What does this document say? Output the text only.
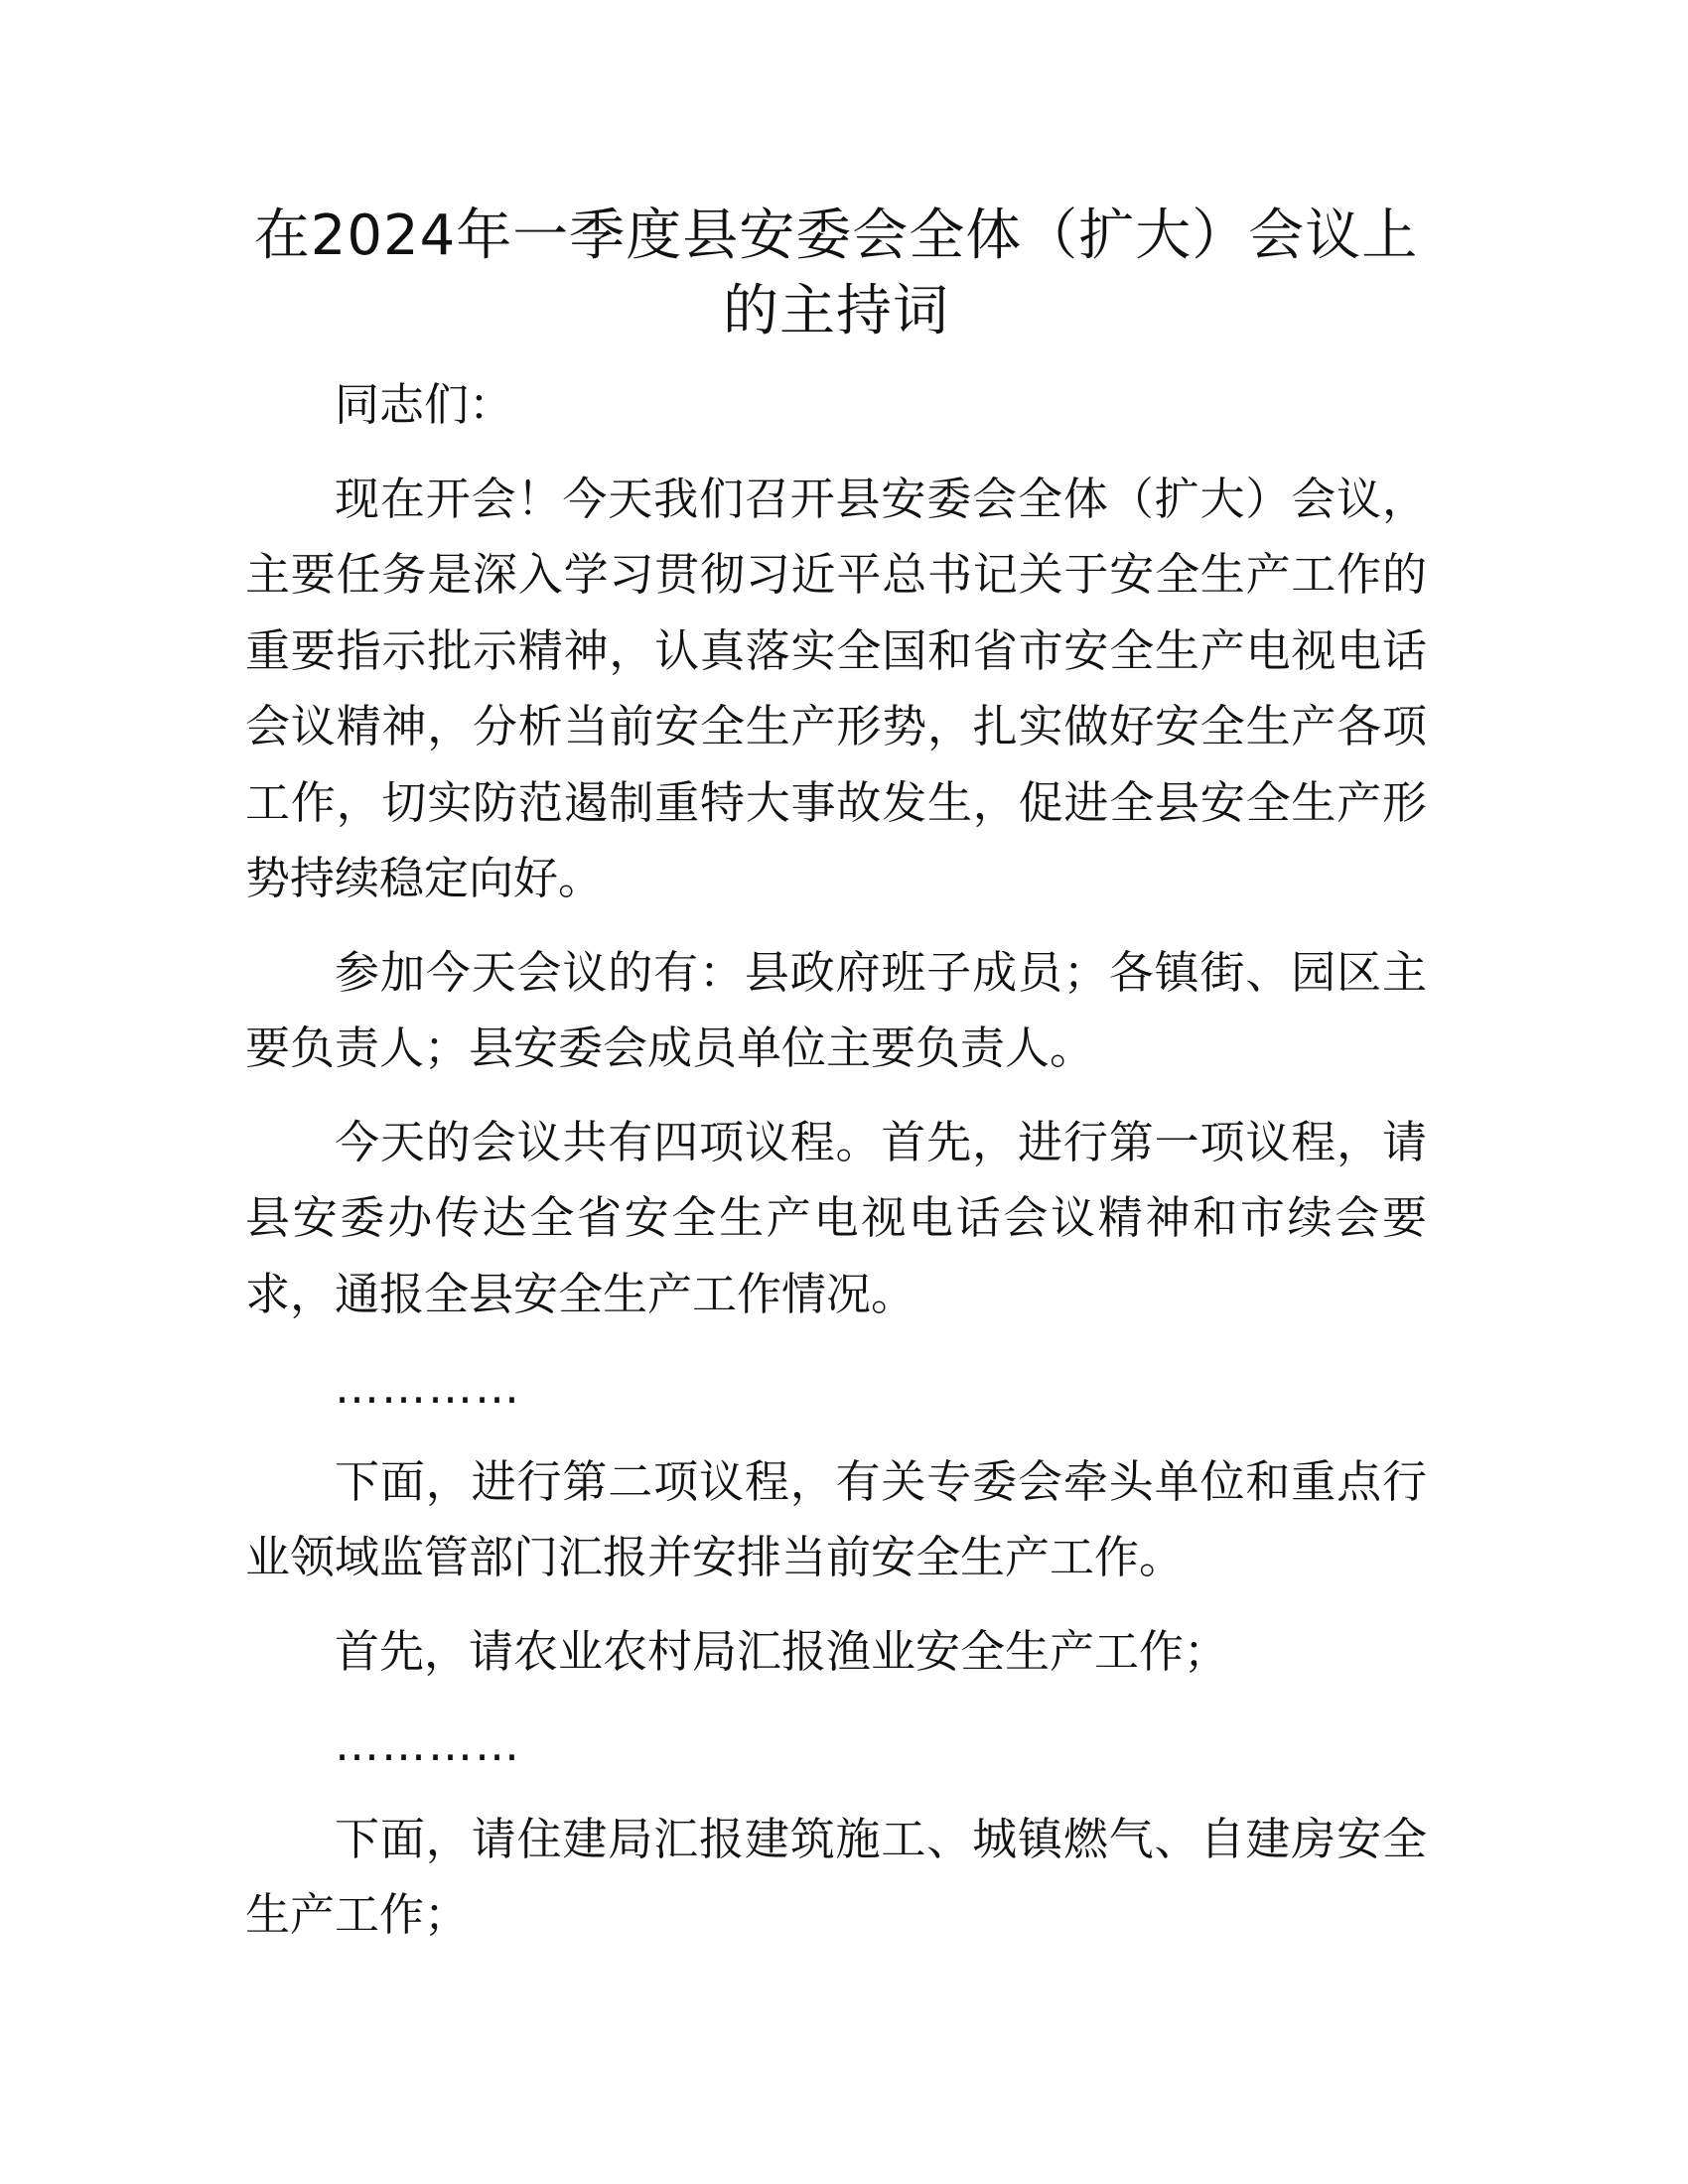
在2024年一季度县安委会全体（扩大）会议上的主持词

同志们：

现在开会！今天我们召开县安委会全体（扩大）会议，主要任务是深入学习贯彻习近平总书记关于安全生产工作的重要指示批示精神，认真落实全国和省市安全生产电视电话会议精神，分析当前安全生产形势，扎实做好安全生产各项工作，切实防范遏制重特大事故发生，促进全县安全生产形势持续稳定向好。

参加今天会议的有：县政府班子成员；各镇街、园区主要负责人；县安委会成员单位主要负责人。

今天的会议共有四项议程。首先，进行第一项议程，请县安委办传达全省安全生产电视电话会议精神和市续会要求，通报全县安全生产工作情况。

…………

下面，进行第二项议程，有关专委会牵头单位和重点行业领域监管部门汇报并安排当前安全生产工作。

首先，请农业农村局汇报渔业安全生产工作；

…………

下面，请住建局汇报建筑施工、城镇燃气、自建房安全生产工作；
